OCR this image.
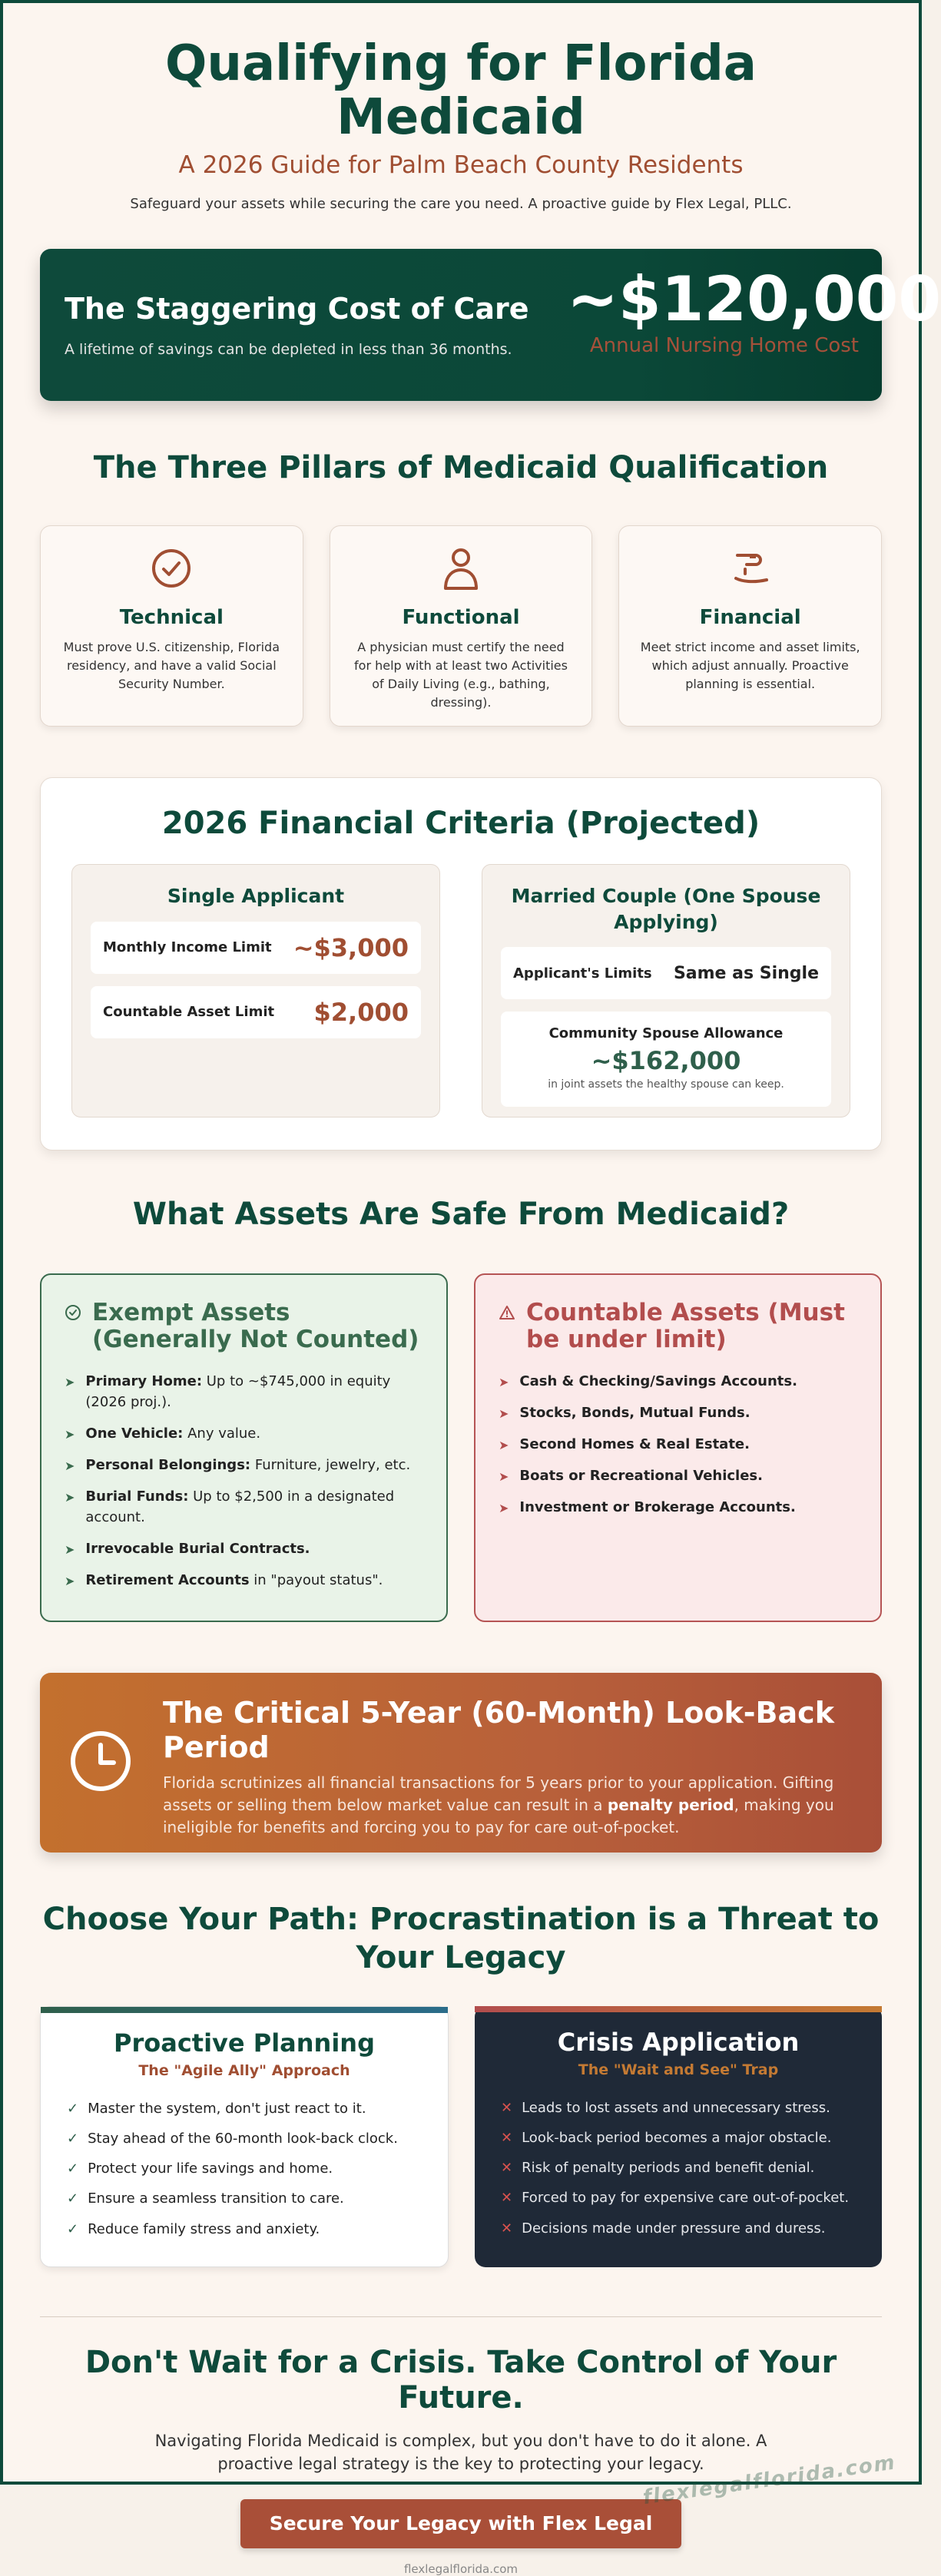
Qualifying for Florida Medicaid
A 2026 Guide for Palm Beach County Residents

Safeguard your assets while securing the care you need. A proactive guide by Flex Legal, PLLC.

The Staggering Cost of Care
A lifetime of savings can be depleted in less than 36 months.
~$120,000
Annual Nursing Home Cost
The Three Pillars of Medicaid Qualification
Technical
Must prove U.S. citizenship, Florida residency, and have a valid Social Security Number.
Functional
A physician must certify the need for help with at least two Activities of Daily Living (e.g., bathing, dressing).
Financial
Meet strict income and asset limits, which adjust annually. Proactive planning is essential.
2026 Financial Criteria (Projected)
Single Applicant
Monthly Income Limit ~$3,000
Countable Asset Limit $2,000
Married Couple (One Spouse Applying)
Applicant's Limits Same as Single
Community Spouse Allowance
~$162,000
in joint assets the healthy spouse can keep.
What Assets Are Safe From Medicaid?
Exempt Assets (Generally Not Counted)
➤ Primary Home: Up to ~$745,000 in equity (2026 proj.).
➤ One Vehicle: Any value.
➤ Personal Belongings: Furniture, jewelry, etc.
➤ Burial Funds: Up to $2,500 in a designated account.
➤ Irrevocable Burial Contracts.
➤ Retirement Accounts in "payout status".
Countable Assets (Must be under limit)
➤ Cash & Checking/Savings Accounts.
➤ Stocks, Bonds, Mutual Funds.
➤ Second Homes & Real Estate.
➤ Boats or Recreational Vehicles.
➤ Investment or Brokerage Accounts.
The Critical 5-Year (60-Month) Look-Back Period

Florida scrutinizes all financial transactions for 5 years prior to your application. Gifting assets or selling them below market value can result in a penalty period, making you ineligible for benefits and forcing you to pay for care out-of-pocket.

Choose Your Path: Procrastination is a Threat to Your Legacy
Proactive Planning
The "Agile Ally" Approach
✓ Master the system, don't just react to it.
✓ Stay ahead of the 60-month look-back clock.
✓ Protect your life savings and home.
✓ Ensure a seamless transition to care.
✓ Reduce family stress and anxiety.
Crisis Application
The "Wait and See" Trap
✕ Leads to lost assets and unnecessary stress.
✕ Look-back period becomes a major obstacle.
✕ Risk of penalty periods and benefit denial.
✕ Forced to pay for expensive care out-of-pocket.
✕ Decisions made under pressure and duress.
Don't Wait for a Crisis. Take Control of Your Future.

Navigating Florida Medicaid is complex, but you don't have to do it alone. A proactive legal strategy is the key to protecting your legacy.

Secure Your Legacy with Flex Legal
flexlegalflorida.com
flexlegalflorida.com
